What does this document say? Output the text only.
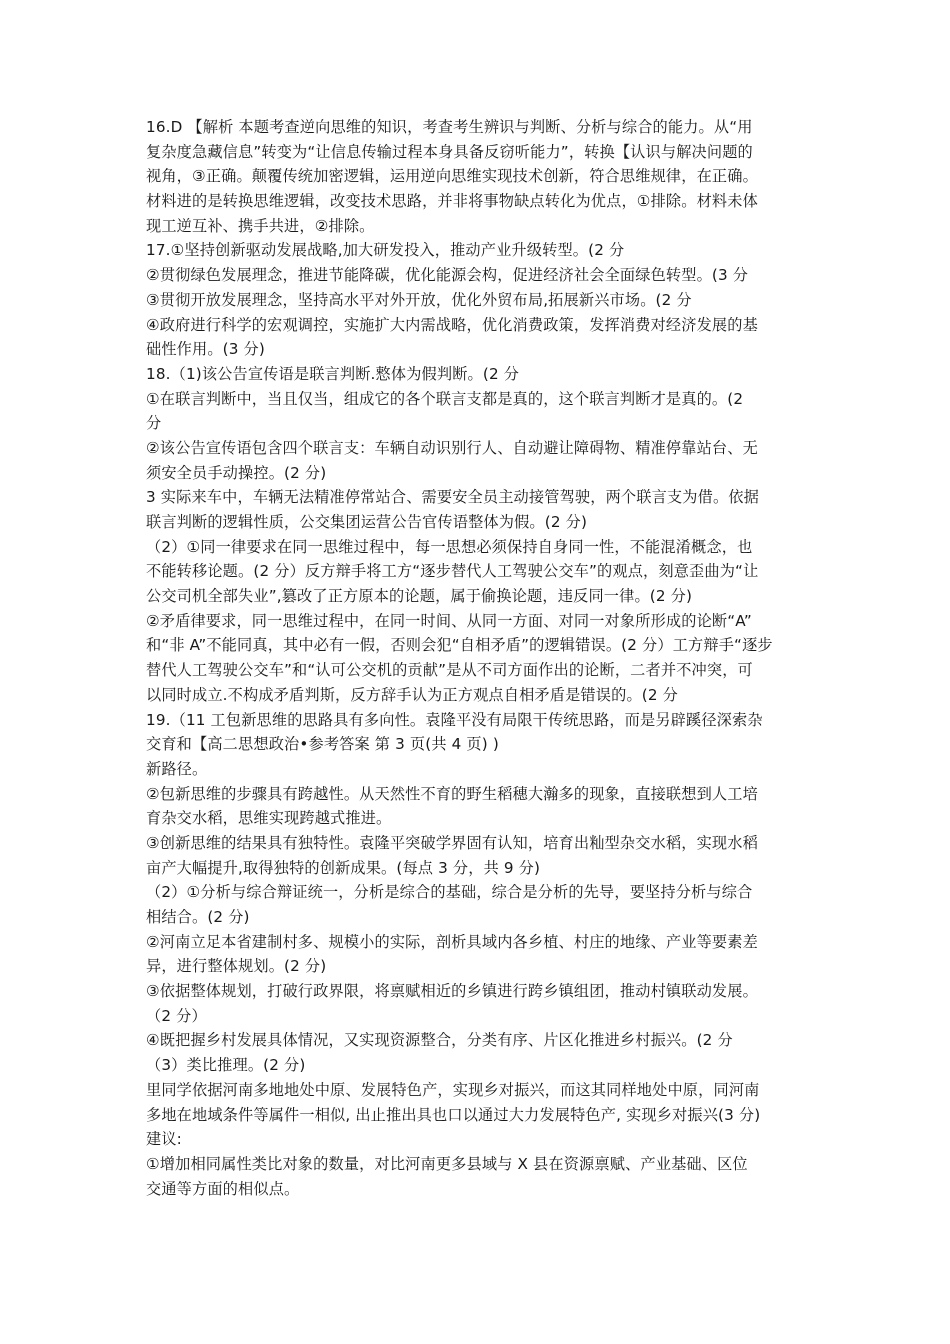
16.D 【解析 本题考查逆向思维的知识，考查考生辨识与判断、分析与综合的能力。从“用
复杂度急藏信息”转变为“让信息传输过程本身具备反窃听能力”，转换【认识与解决问题的
视角，③正确。颠覆传统加密逻辑，运用逆向思维实现技术创新，符合思维规律，在正确。
材料进的是转换思维逻辑，改变技术思路，并非将事物缺点转化为优点，①排除。材料未体
现工逆互补、携手共进，②排除。
17.①坚持创新驱动发展战略,加大研发投入，推动产业升级转型。(2 分
②贯彻绿色发展理念，推进节能降碳，优化能源会构，促进经济社会全面绿色转型。(3 分
③贯彻开放发展理念，坚持高水平对外开放，优化外贸布局,拓展新兴市场。(2 分
④政府进行科学的宏观调控，实施扩大内需战略，优化消费政策，发挥消费对经济发展的基
础性作用。(3 分)
18.（1)该公告宣传语是联言判断.慗体为假判断。(2 分
①在联言判断中，当且仅当，组成它的各个联言支都是真的，这个联言判断才是真的。(2
分
②该公告宣传语包含四个联言支：车辆自动识别行人、自动避让障碍物、精准停靠站台、无
须安全员手动操控。(2 分)
3 实际来车中，车辆无法精准停常站合、需要安全员主动接管驾驶，两个联言支为借。依据
联言判断的逻辑性质，公交集团运营公告官传语整体为假。(2 分)
（2）①同一律要求在同一思维过程中，每一思想必须保持自身同一性，不能混淆概念，也
不能转移论题。(2 分）反方辩手将工方“逐步替代人工驾驶公交车”的观点，刻意歪曲为“让
公交司机全部失业”,篡改了正方原本的论题，属于偷换论题，违反同一律。(2 分)
②矛盾律要求，同一思维过程中，在同一时间、从同一方面、对同一对象所形成的论断“A”
和“非 A”不能同真，其中必有一假，否则会犯“自相矛盾”的逻辑错误。(2 分）工方辩手“逐步
替代人工驾驶公交车”和“认可公交机的贡献”是从不司方面作出的论断，二者并不冲突，可
以同时成立.不构成矛盾判斯，反方辞手认为正方观点自相矛盾是错误的。(2 分
19.（11 工包新思维的思路具有多向性。袁隆平没有局限干传统思路，而是另辟蹊径深索杂
交育和【高二思想政治•参考答案 第 3 页(共 4 页) )
新路径。
②包新思维的步骤具有跨越性。从天然性不育的野生稻穗大瀚多的现象，直接联想到人工培
育杂交水稻，思维实现跨越式推进。
③创新思维的结果具有独特性。袁隆平突破学界固有认知，培育出籼型杂交水稻，实现水稻
亩产大幅提升,取得独特的创新成果。(每点 3 分，共 9 分)
（2）①分析与综合辩证统一，分析是综合的基础，综合是分析的先导，要坚持分析与综合
相结合。(2 分)
②河南立足本省建制村多、规模小的实际，剖析具域内各乡植、村庄的地缘、产业等要素差
异，进行整体规划。(2 分)
③依据整体规划，打破行政界限，将禀赋相近的乡镇进行跨乡镇组团，推动村镇联动发展。
（2 分）
④既把握乡村发展具体情况，又实现资源整合，分类有序、片区化推进乡村振兴。(2 分
（3）类比推理。(2 分)
里同学依据河南多地地处中原、发展特色产，实现乡对振兴，而这其同样地处中原，同河南
多地在地域条件等属件一相似, 出止推出具也口以通过大力发展特色产, 实现乡对振兴(3 分)
建议:
①增加相同属性类比对象的数量，对比河南更多县域与 X 县在资源禀赋、产业基础、区位
交通等方面的相似点。
